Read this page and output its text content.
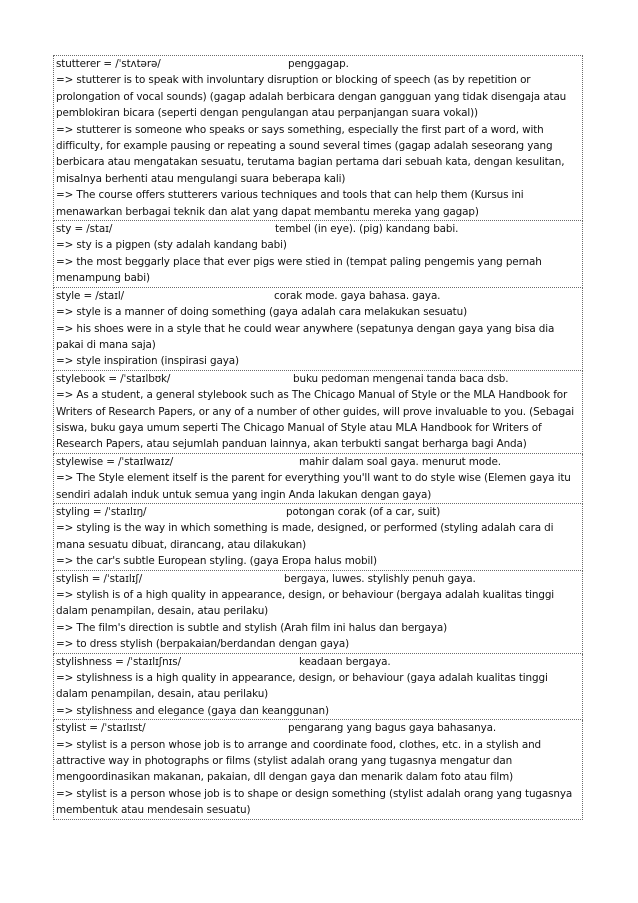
stutterer = /ˈstʌtərə/	penggagap.
=> stutterer is to speak with involuntary disruption or blocking of speech (as by repetition or prolongation of vocal sounds) (gagap adalah berbicara dengan gangguan yang tidak disengaja atau pemblokiran bicara (seperti dengan pengulangan atau perpanjangan suara vokal))
=> stutterer is someone who speaks or says something, especially the first part of a word, with difficulty, for example pausing or repeating a sound several times (gagap adalah seseorang yang berbicara atau mengatakan sesuatu, terutama bagian pertama dari sebuah kata, dengan kesulitan, misalnya berhenti atau mengulangi suara beberapa kali)
=> The course offers stutterers various techniques and tools that can help them (Kursus ini menawarkan berbagai teknik dan alat yang dapat membantu mereka yang gagap)
sty = /staɪ/	tembel (in eye). (pig) kandang babi.
=> sty is a pigpen (sty adalah kandang babi)
=> the most beggarly place that ever pigs were stied in (tempat paling pengemis yang pernah menampung babi)
style = /staɪl/	corak mode. gaya bahasa. gaya.
=> style is a manner of doing something (gaya adalah cara melakukan sesuatu)
=> his shoes were in a style that he could wear anywhere (sepatunya dengan gaya yang bisa dia pakai di mana saja)
=> style inspiration (inspirasi gaya)
stylebook = /ˈstaɪlbʊk/	buku pedoman mengenai tanda baca dsb.
=> As a student, a general stylebook such as The Chicago Manual of Style or the MLA Handbook for Writers of Research Papers, or any of a number of other guides, will prove invaluable to you. (Sebagai siswa, buku gaya umum seperti The Chicago Manual of Style atau MLA Handbook for Writers of Research Papers, atau sejumlah panduan lainnya, akan terbukti sangat berharga bagi Anda)
stylewise = /ˈstaɪlwaɪz/	mahir dalam soal gaya. menurut mode.
=> The Style element itself is the parent for everything you'll want to do style wise (Elemen gaya itu sendiri adalah induk untuk semua yang ingin Anda lakukan dengan gaya)
styling = /ˈstaɪlɪŋ/	potongan corak (of a car, suit)
=> styling is the way in which something is made, designed, or performed (styling adalah cara di mana sesuatu dibuat, dirancang, atau dilakukan)
=> the car's subtle European styling. (gaya Eropa halus mobil)
stylish = /ˈstaɪlɪʃ/	bergaya, luwes. stylishly penuh gaya.
=> stylish is of a high quality in appearance, design, or behaviour (bergaya adalah kualitas tinggi dalam penampilan, desain, atau perilaku)
=> The film's direction is subtle and stylish (Arah film ini halus dan bergaya)
=> to dress stylish (berpakaian/berdandan dengan gaya)
stylishness = /ˈstaɪlɪʃnɪs/	keadaan bergaya.
=> stylishness is a high quality in appearance, design, or behaviour (gaya adalah kualitas tinggi dalam penampilan, desain, atau perilaku)
=> stylishness and elegance (gaya dan keanggunan)
stylist = /ˈstaɪlɪst/	pengarang yang bagus gaya bahasanya.
=> stylist is a person whose job is to arrange and coordinate food, clothes, etc. in a stylish and attractive way in photographs or films (stylist adalah orang yang tugasnya mengatur dan mengoordinasikan makanan, pakaian, dll dengan gaya dan menarik dalam foto atau film)
=> stylist is a person whose job is to shape or design something (stylist adalah orang yang tugasnya membentuk atau mendesain sesuatu)
